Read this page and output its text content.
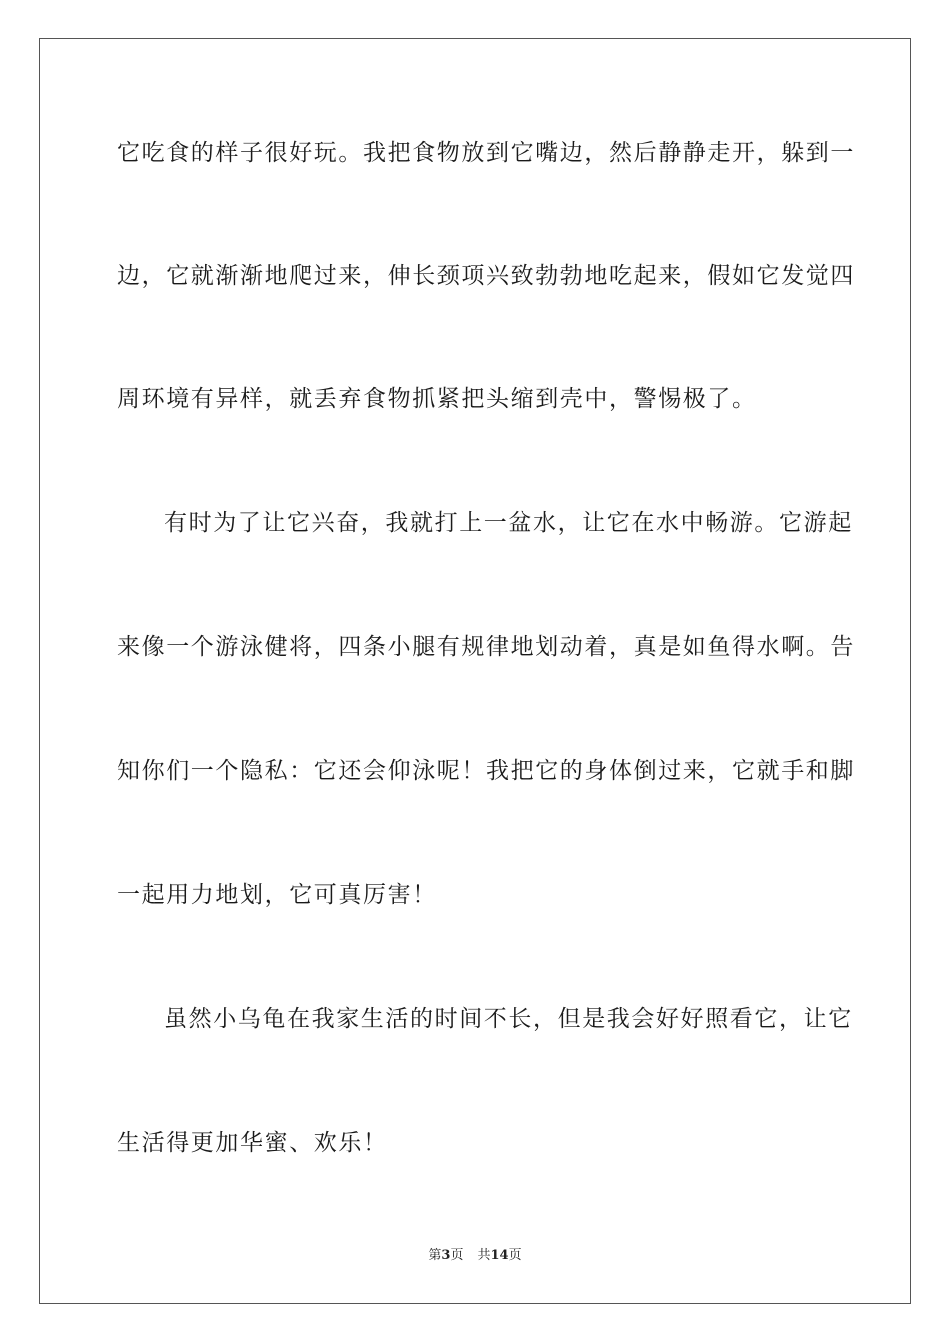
它吃食的样子很好玩。我把食物放到它嘴边，然后静静走开，躲到一
边，它就渐渐地爬过来，伸长颈项兴致勃勃地吃起来，假如它发觉四
周环境有异样，就丢弃食物抓紧把头缩到壳中，警惕极了。
有时为了让它兴奋，我就打上一盆水，让它在水中畅游。它游起
来像一个游泳健将，四条小腿有规律地划动着，真是如鱼得水啊。告
知你们一个隐私：它还会仰泳呢！我把它的身体倒过来，它就手和脚
一起用力地划，它可真厉害！
虽然小乌龟在我家生活的时间不长，但是我会好好照看它，让它
生活得更加华蜜、欢乐！
第3页 共14页
